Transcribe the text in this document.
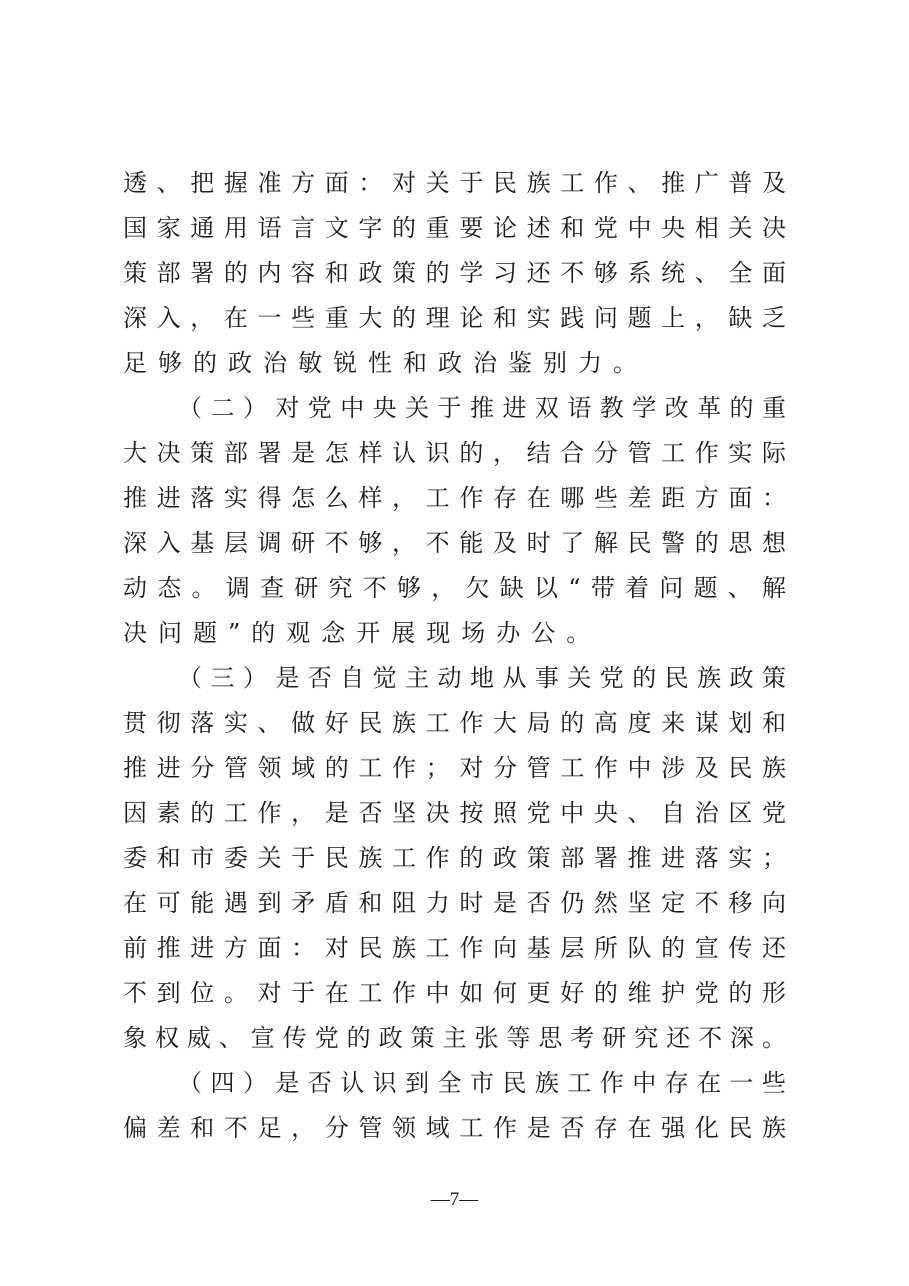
透、把握准方面：对关于民族工作、推广普及
国家通用语言文字的重要论述和党中央相关决
策部署的内容和政策的学习还不够系统、全面
深入，在一些重大的理论和实践问题上，缺乏
足够的政治敏锐性和政治鉴别力。
（二）对党中央关于推进双语教学改革的重
大决策部署是怎样认识的，结合分管工作实际
推进落实得怎么样，工作存在哪些差距方面：
深入基层调研不够，不能及时了解民警的思想
动态。调查研究不够，欠缺以“带着问题、解
决问题”的观念开展现场办公。
（三）是否自觉主动地从事关党的民族政策
贯彻落实、做好民族工作大局的高度来谋划和
推进分管领域的工作；对分管工作中涉及民族
因素的工作，是否坚决按照党中央、自治区党
委和市委关于民族工作的政策部署推进落实；
在可能遇到矛盾和阻力时是否仍然坚定不移向
前推进方面：对民族工作向基层所队的宣传还
不到位。对于在工作中如何更好的维护党的形
象权威、宣传党的政策主张等思考研究还不深。
（四）是否认识到全市民族工作中存在一些
偏差和不足，分管领域工作是否存在强化民族
—7—
